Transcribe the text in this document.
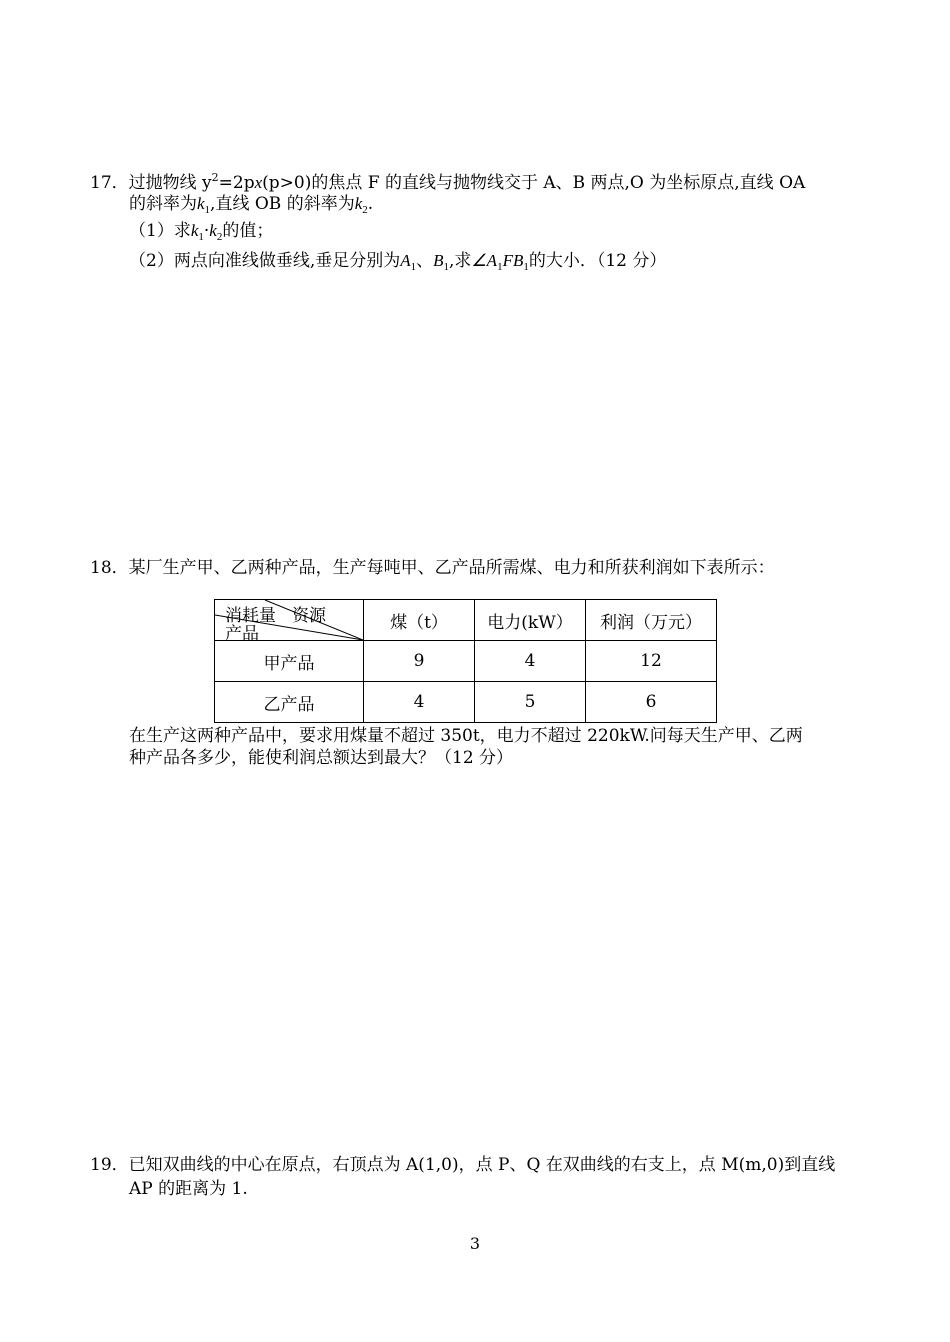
17．过抛物线 $y^2=2px(p>0)$的焦点 F 的直线与抛物线交于 A、B 两点,O 为坐标原点,直线 OA
的斜率为$k_1$,直线 OB 的斜率为$k_2$.
（1）求$k_1\cdot k_2$的值；
（2）两点向准线做垂线,垂足分别为$A_1$、$B_1$,求$\angle A_1FB_1$的大小．（12 分）
18．某厂生产甲、乙两种产品，生产每吨甲、乙产品所需煤、电力和所获利润如下表所示：
消耗量 资源
产品	煤（t）	电力(kW）	利润（万元）
甲产品	9	4	12
乙产品	4	5	6
在生产这两种产品中，要求用煤量不超过 350t，电力不超过 220kW.问每天生产甲、乙两
种产品各多少，能使利润总额达到最大？（12 分）
19．已知双曲线的中心在原点，右顶点为 A(1,0)，点 P、Q 在双曲线的右支上，点 M(m,0)到直线
AP 的距离为 1.
3
